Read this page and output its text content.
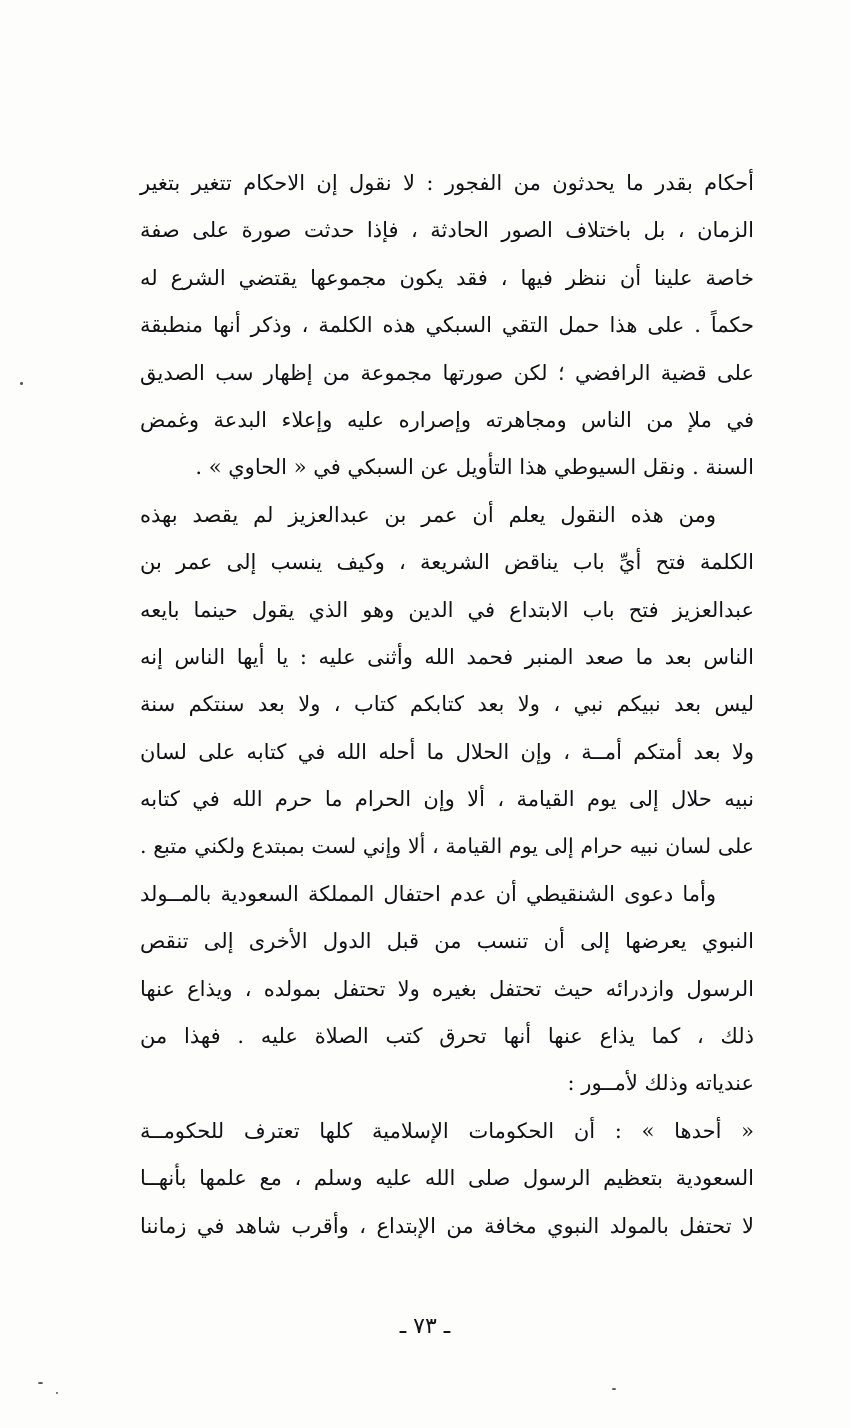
أحكام بقدر ما يحدثون من الفجور : لا نقول إن الاحكام تتغير بتغير
الزمان ، بل باختلاف الصور الحادثة ، فإذا حدثت صورة على صفة
خاصة علينا أن ننظر فيها ، فقد يكون مجموعها يقتضي الشرع له
حكماً . على هذا حمل التقي السبكي هذه الكلمة ، وذكر أنها منطبقة
على قضية الرافضي ؛ لكن صورتها مجموعة من إظهار سب الصديق
في ملإ من الناس ومجاهرته وإصراره عليه وإعلاء البدعة وغمض
السنة . ونقل السيوطي هذا التأويل عن السبكي في « الحاوي » .
ومن هذه النقول يعلم أن عمر بن عبدالعزيز لم يقصد بهذه
الكلمة فتح أيِّ باب يناقض الشريعة ، وكيف ينسب إلى عمر بن
عبدالعزيز فتح باب الابتداع في الدين وهو الذي يقول حينما بايعه
الناس بعد ما صعد المنبر فحمد الله وأثنى عليه : يا أيها الناس إنه
ليس بعد نبيكم نبي ، ولا بعد كتابكم كتاب ، ولا بعد سنتكم سنة
ولا بعد أمتكم أمــة ، وإن الحلال ما أحله الله في كتابه على لسان
نبيه حلال إلى يوم القيامة ، ألا وإن الحرام ما حرم الله في كتابه
على لسان نبيه حرام إلى يوم القيامة ، ألا وإني لست بمبتدع ولكني متبع .
وأما دعوى الشنقيطي أن عدم احتفال المملكة السعودية بالمــولد
النبوي يعرضها إلى أن تنسب من قبل الدول الأخرى إلى تنقص
الرسول وازدرائه حيث تحتفل بغيره ولا تحتفل بمولده ، ويذاع عنها
ذلك ، كما يذاع عنها أنها تحرق كتب الصلاة عليه . فهذا من
عندياته وذلك لأمــور :
« أحدها » : أن الحكومات الإسلامية كلها تعترف للحكومــة
السعودية بتعظيم الرسول صلى الله عليه وسلم ، مع علمها بأنهــا
لا تحتفل بالمولد النبوي مخافة من الإبتداع ، وأقرب شاهد في زماننا
ـ ٧٣ ـ
